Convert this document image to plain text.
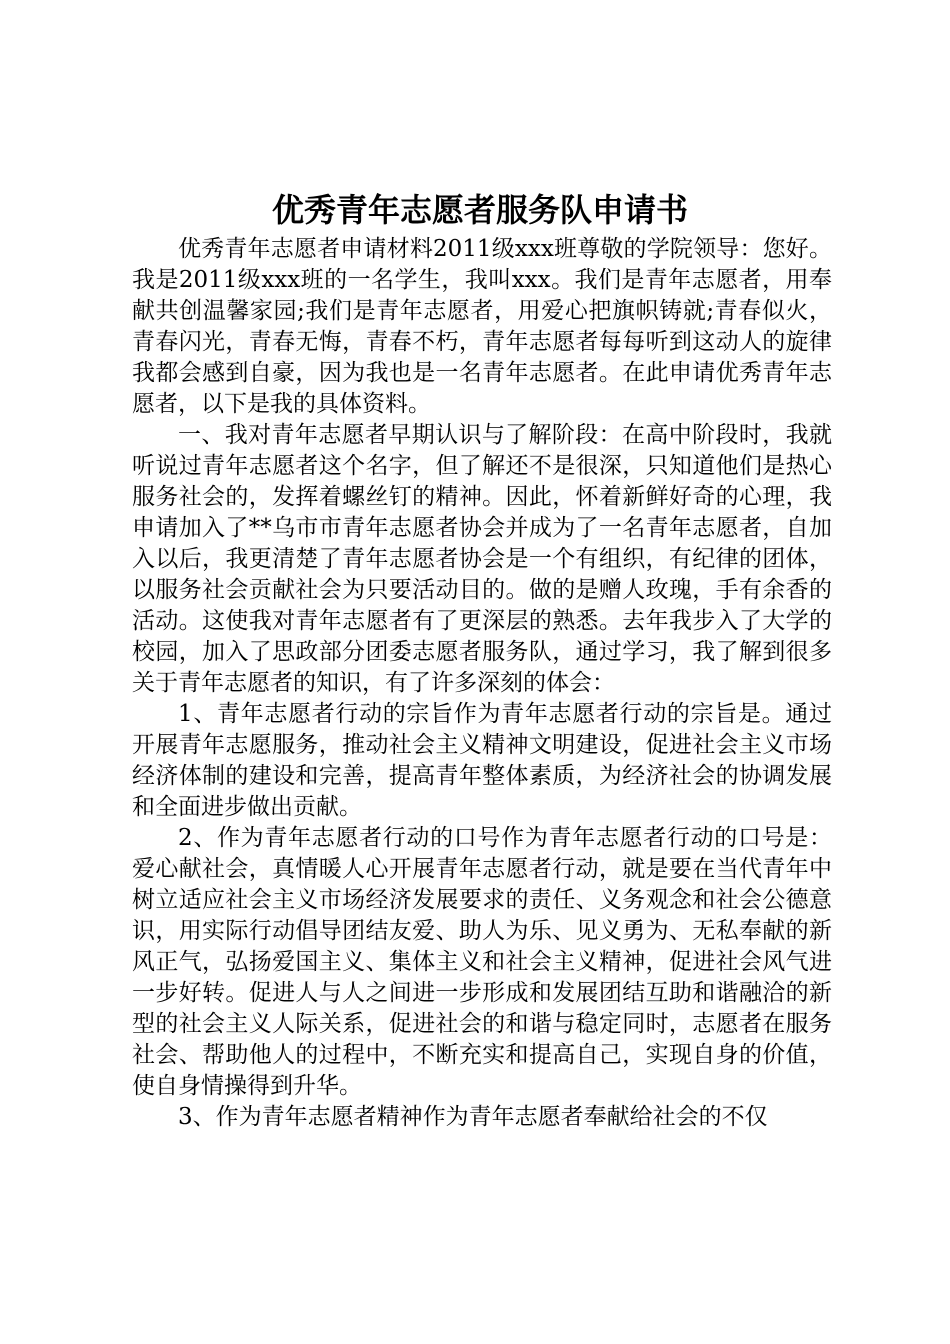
优秀青年志愿者服务队申请书

优秀青年志愿者申请材料2011级xxx班尊敬的学院领导：您好。我是2011级xxx班的一名学生，我叫xxx。我们是青年志愿者，用奉献共创温馨家园;我们是青年志愿者，用爱心把旗帜铸就;青春似火，青春闪光，青春无悔，青春不朽，青年志愿者每每听到这动人的旋律我都会感到自豪，因为我也是一名青年志愿者。在此申请优秀青年志愿者，以下是我的具体资料。

一、我对青年志愿者早期认识与了解阶段：在高中阶段时，我就听说过青年志愿者这个名字，但了解还不是很深，只知道他们是热心服务社会的，发挥着螺丝钉的精神。因此，怀着新鲜好奇的心理，我申请加入了**乌市市青年志愿者协会并成为了一名青年志愿者，自加入以后，我更清楚了青年志愿者协会是一个有组织，有纪律的团体，以服务社会贡献社会为只要活动目的。做的是赠人玫瑰，手有余香的活动。这使我对青年志愿者有了更深层的熟悉。去年我步入了大学的校园，加入了思政部分团委志愿者服务队，通过学习，我了解到很多关于青年志愿者的知识，有了许多深刻的体会：

1、青年志愿者行动的宗旨作为青年志愿者行动的宗旨是。通过开展青年志愿服务，推动社会主义精神文明建设，促进社会主义市场经济体制的建设和完善，提高青年整体素质，为经济社会的协调发展和全面进步做出贡献。

2、作为青年志愿者行动的口号作为青年志愿者行动的口号是：爱心献社会，真情暖人心开展青年志愿者行动，就是要在当代青年中树立适应社会主义市场经济发展要求的责任、义务观念和社会公德意识，用实际行动倡导团结友爱、助人为乐、见义勇为、无私奉献的新风正气，弘扬爱国主义、集体主义和社会主义精神，促进社会风气进一步好转。促进人与人之间进一步形成和发展团结互助和谐融洽的新型的社会主义人际关系，促进社会的和谐与稳定同时，志愿者在服务社会、帮助他人的过程中，不断充实和提高自己，实现自身的价值，使自身情操得到升华。

3、作为青年志愿者精神作为青年志愿者奉献给社会的不仅
